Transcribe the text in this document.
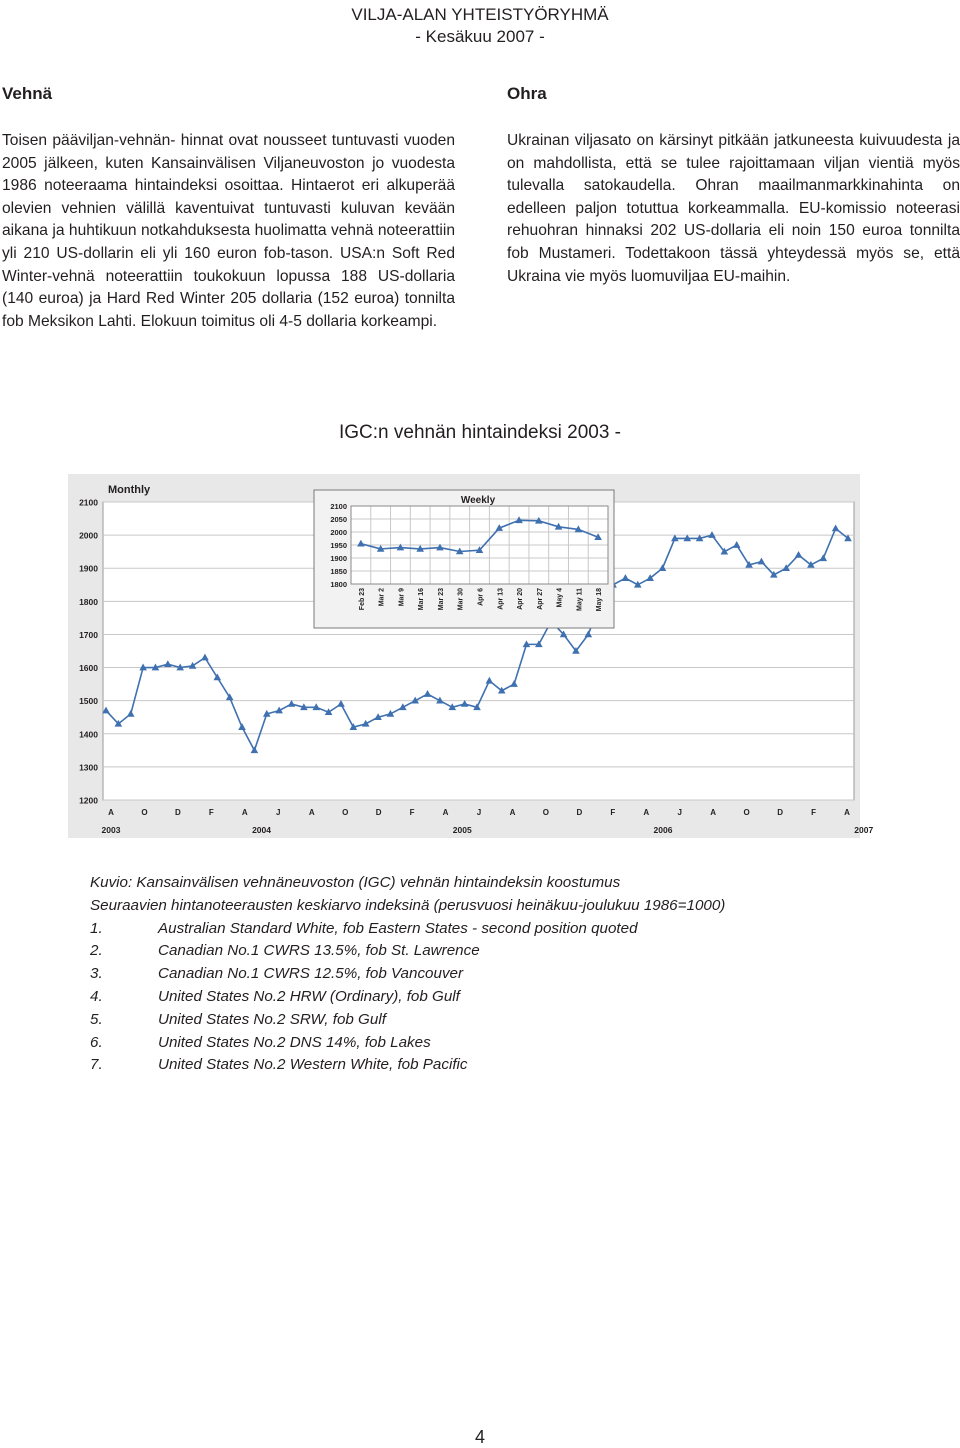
VILJA-ALAN YHTEISTYÖRYHMÄ
- Kesäkuu 2007 -
Vehnä

Toisen pääviljan-vehnän- hinnat ovat nousseet tuntuvasti vuoden 2005 jälkeen, kuten Kansainvälisen Viljaneuvoston jo vuodesta 1986 noteeraama hintaindeksi osoittaa. Hintaerot eri alkuperää olevien vehnien välillä kaventuivat tuntuvasti kuluvan kevään aikana ja huhtikuun notkahduksesta huolimatta vehnä noteerattiin yli 210 US-dollarin eli yli 160 euron fob-tason. USA:n Soft Red Winter-vehnä noteerattiin toukokuun lopussa 188 US-dollaria (140 euroa) ja Hard Red Winter 205 dollaria (152 euroa) tonnilta fob Meksikon Lahti. Elokuun toimitus oli 4-5 dollaria korkeampi.

Ohra

Ukrainan viljasato on kärsinyt pitkään jatkuneesta kuivuudesta ja on mahdollista, että se tulee rajoittamaan viljan vientiä myös tulevalla satokaudella. Ohran maailmanmarkkinahinta on edelleen paljon totuttua korkeammalla. EU-komissio noteerasi rehuohran hinnaksi 202 US-dollaria eli noin 150 euroa tonnilta fob Mustameri. Todettakoon tässä yhteydessä myös se, että Ukraina vie myös luomuviljaa EU-maihin.

IGC:n vehnän hintaindeksi 2003 -
Monthly
1200
1300
1400
1500
1600
1700
1800
1900
2000
2100
A	O	D	F	A	J	A	O	D	F	A	J	A	O	D	F	A	J	A	O	D	F	A
2003	2004	2005	2006	2007
Weekly
1800
1850
1900
1950
2000
2050
2100
Feb 23 Mar 2 Mar 9 Mar 16 Mar 23 Mar 30 Apr 6 Apr 13 Apr 20 Apr 27 May 4 May 11 May 18
Kuvio: Kansainvälisen vehnäneuvoston (IGC) vehnän hintaindeksin koostumus
Seuraavien hintanoteerausten keskiarvo indeksinä (perusvuosi heinäkuu-joulukuu 1986=1000)
1.	Australian Standard White, fob Eastern States - second position quoted
2.	Canadian No.1 CWRS 13.5%, fob St. Lawrence
3.	Canadian No.1 CWRS 12.5%, fob Vancouver
4.	United States No.2 HRW (Ordinary), fob Gulf
5.	United States No.2 SRW, fob Gulf
6.	United States No.2 DNS 14%, fob Lakes
7.	United States No.2 Western White, fob Pacific
4
